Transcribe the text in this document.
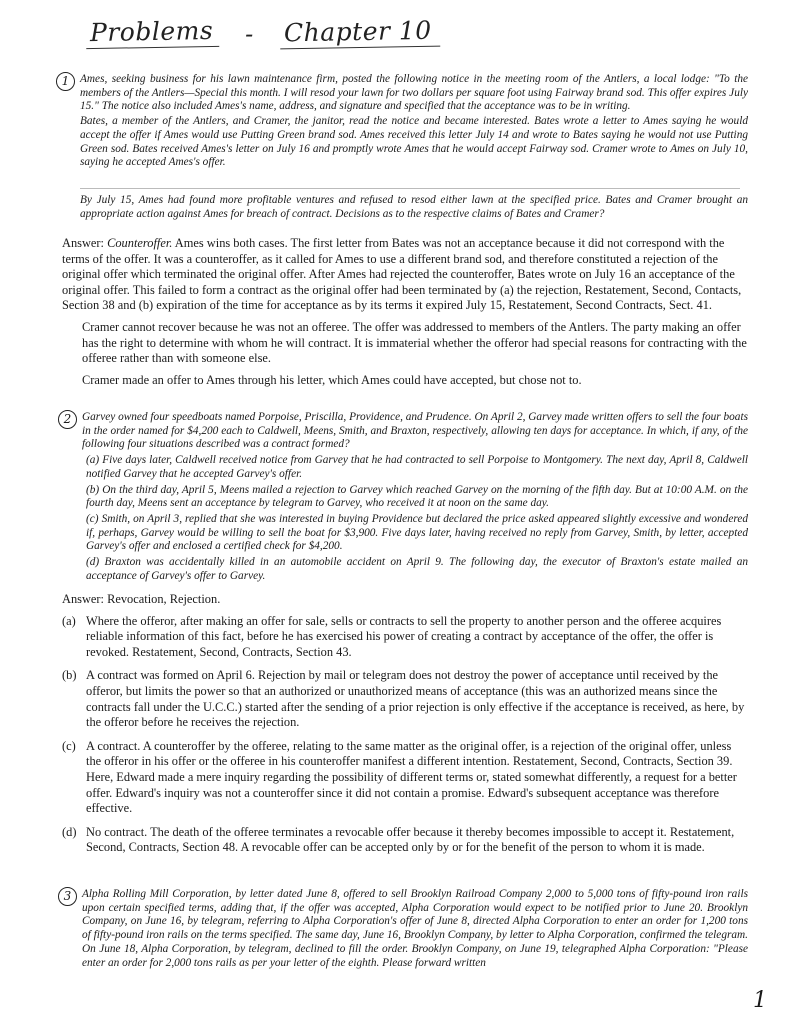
Problems - Chapter 10
1 Ames, seeking business for his lawn maintenance firm, posted the following notice in the meeting room of the Antlers, a local lodge: "To the members of the Antlers—Special this month. I will resod your lawn for two dollars per square foot using Fairway brand sod. This offer expires July 15." The notice also included Ames's name, address, and signature and specified that the acceptance was to be in writing.

Bates, a member of the Antlers, and Cramer, the janitor, read the notice and became interested. Bates wrote a letter to Ames saying he would accept the offer if Ames would use Putting Green brand sod. Ames received this letter July 14 and wrote to Bates saying he would not use Putting Green sod. Bates received Ames's letter on July 16 and promptly wrote Ames that he would accept Fairway sod. Cramer wrote to Ames on July 10, saying he accepted Ames's offer.

By July 15, Ames had found more profitable ventures and refused to resod either lawn at the specified price. Bates and Cramer brought an appropriate action against Ames for breach of contract. Decisions as to the respective claims of Bates and Cramer?

Answer: Counteroffer. Ames wins both cases. The first letter from Bates was not an acceptance because it did not correspond with the terms of the offer. It was a counteroffer, as it called for Ames to use a different brand sod, and therefore constituted a rejection of the original offer which terminated the original offer. After Ames had rejected the counteroffer, Bates wrote on July 16 an acceptance of the original offer. This failed to form a contract as the original offer had been terminated by (a) the rejection, Restatement, Second, Contacts, Section 38 and (b) expiration of the time for acceptance as by its terms it expired July 15, Restatement, Second Contracts, Sect. 41.

Cramer cannot recover because he was not an offeree. The offer was addressed to members of the Antlers. The party making an offer has the right to determine with whom he will contract. It is immaterial whether the offeror had special reasons for contracting with the offeree rather than with someone else.

Cramer made an offer to Ames through his letter, which Ames could have accepted, but chose not to.

2 Garvey owned four speedboats named Porpoise, Priscilla, Providence, and Prudence. On April 2, Garvey made written offers to sell the four boats in the order named for $4,200 each to Caldwell, Meens, Smith, and Braxton, respectively, allowing ten days for acceptance. In which, if any, of the following four situations described was a contract formed?

(a) Five days later, Caldwell received notice from Garvey that he had contracted to sell Porpoise to Montgomery. The next day, April 8, Caldwell notified Garvey that he accepted Garvey's offer.

(b) On the third day, April 5, Meens mailed a rejection to Garvey which reached Garvey on the morning of the fifth day. But at 10:00 A.M. on the fourth day, Meens sent an acceptance by telegram to Garvey, who received it at noon on the same day.

(c) Smith, on April 3, replied that she was interested in buying Providence but declared the price asked appeared slightly excessive and wondered if, perhaps, Garvey would be willing to sell the boat for $3,900. Five days later, having received no reply from Garvey, Smith, by letter, accepted Garvey's offer and enclosed a certified check for $4,200.

(d) Braxton was accidentally killed in an automobile accident on April 9. The following day, the executor of Braxton's estate mailed an acceptance of Garvey's offer to Garvey.

Answer: Revocation, Rejection.

(a) Where the offeror, after making an offer for sale, sells or contracts to sell the property to another person and the offeree acquires reliable information of this fact, before he has exercised his power of creating a contract by acceptance of the offer, the offer is revoked. Restatement, Second, Contracts, Section 43.
(b) A contract was formed on April 6. Rejection by mail or telegram does not destroy the power of acceptance until received by the offeror, but limits the power so that an authorized or unauthorized means of acceptance (this was an authorized means since the contracts fall under the U.C.C.) started after the sending of a prior rejection is only effective if the acceptance is received, as here, by the offeror before he receives the rejection.
(c) A contract. A counteroffer by the offeree, relating to the same matter as the original offer, is a rejection of the original offer, unless the offeror in his offer or the offeree in his counteroffer manifest a different intention. Restatement, Second, Contracts, Section 39. Here, Edward made a mere inquiry regarding the possibility of different terms or, stated somewhat differently, a request for a better offer. Edward's inquiry was not a counteroffer since it did not contain a promise. Edward's subsequent acceptance was therefore effective.
(d) No contract. The death of the offeree terminates a revocable offer because it thereby becomes impossible to accept it. Restatement, Second, Contracts, Section 48. A revocable offer can be accepted only by or for the benefit of the person to whom it is made.
3 Alpha Rolling Mill Corporation, by letter dated June 8, offered to sell Brooklyn Railroad Company 2,000 to 5,000 tons of fifty-pound iron rails upon certain specified terms, adding that, if the offer was accepted, Alpha Corporation would expect to be notified prior to June 20. Brooklyn Company, on June 16, by telegram, referring to Alpha Corporation's offer of June 8, directed Alpha Corporation to enter an order for 1,200 tons of fifty-pound iron rails on the terms specified. The same day, June 16, Brooklyn Company, by letter to Alpha Corporation, confirmed the telegram. On June 18, Alpha Corporation, by telegram, declined to fill the order. Brooklyn Company, on June 19, telegraphed Alpha Corporation: "Please enter an order for 2,000 tons rails as per your letter of the eighth. Please forward written

1
